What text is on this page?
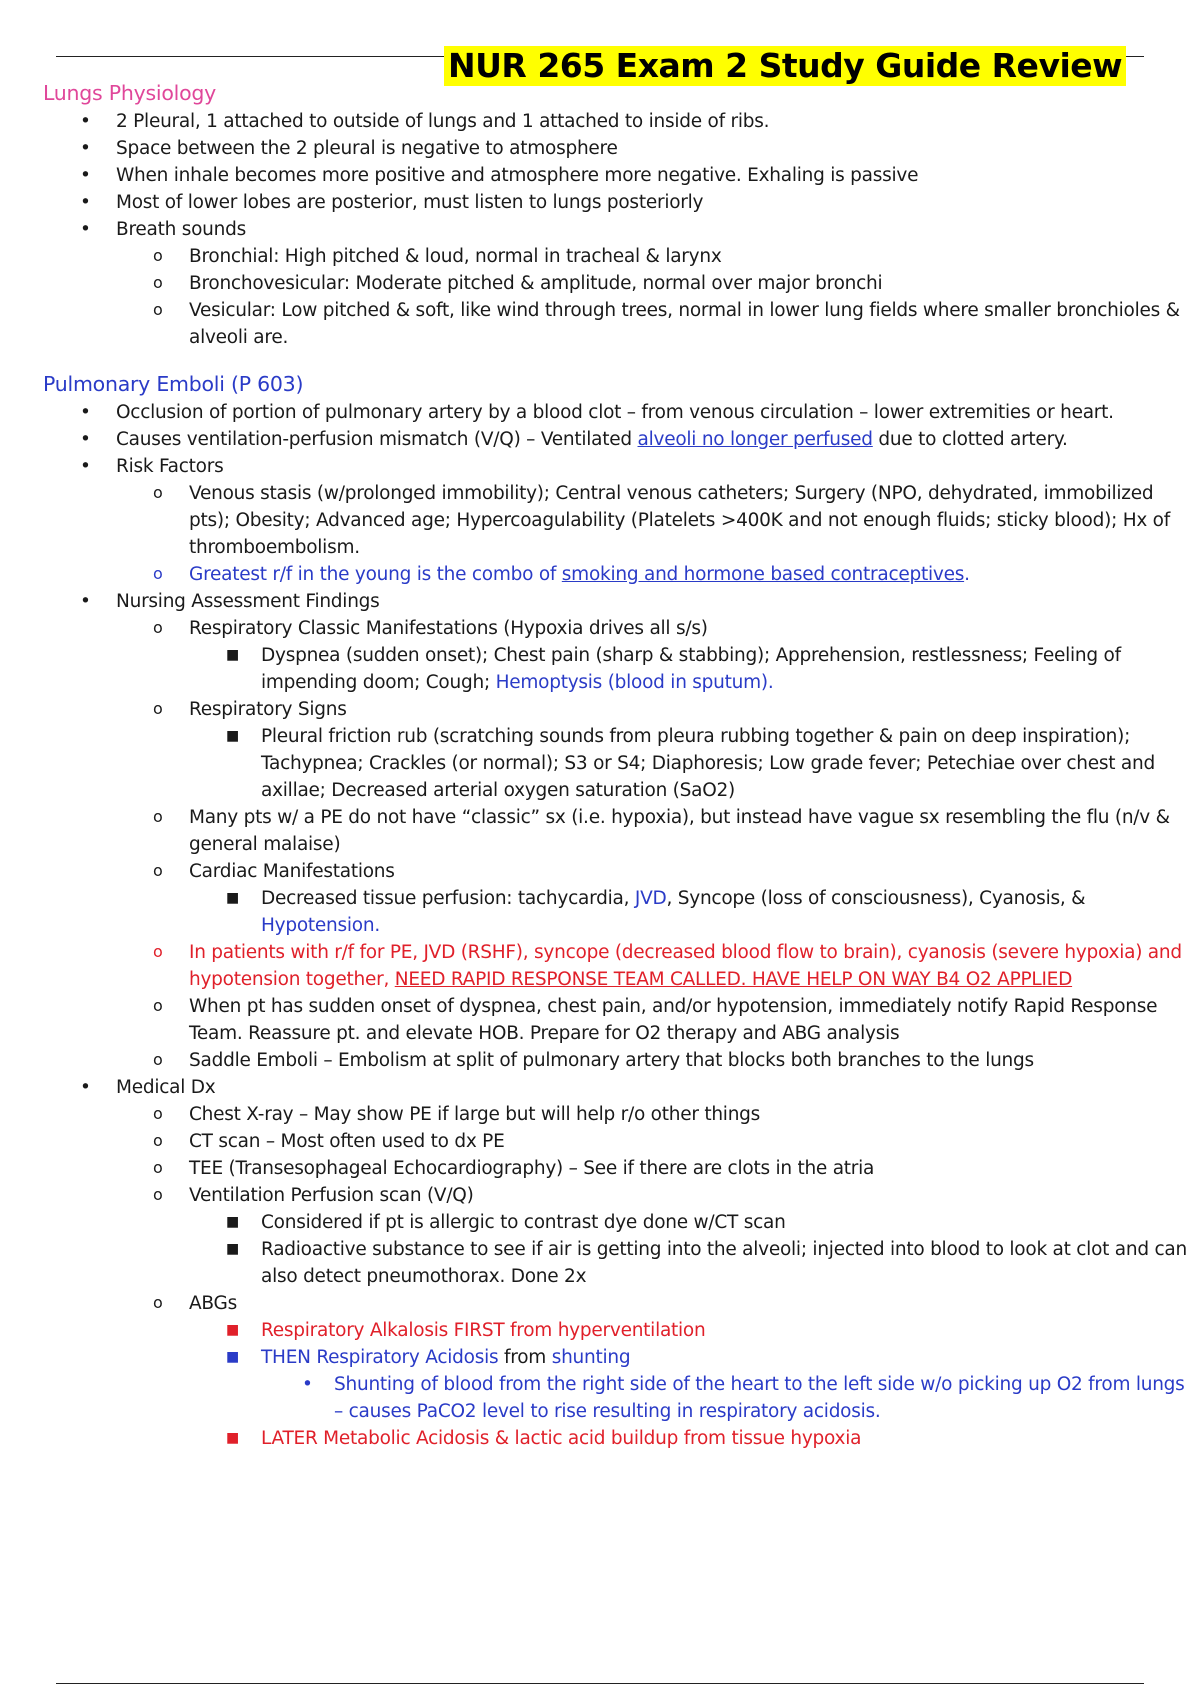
NUR 265 Exam 2 Study Guide Review
Lungs Physiology
• 2 Pleural, 1 attached to outside of lungs and 1 attached to inside of ribs.
• Space between the 2 pleural is negative to atmosphere
• When inhale becomes more positive and atmosphere more negative. Exhaling is passive
• Most of lower lobes are posterior, must listen to lungs posteriorly
• Breath sounds
o Bronchial: High pitched & loud, normal in tracheal & larynx
o Bronchovesicular: Moderate pitched & amplitude, normal over major bronchi
o Vesicular: Low pitched & soft, like wind through trees, normal in lower lung fields where smaller bronchioles & alveoli are.
Pulmonary Emboli (P 603)
• Occlusion of portion of pulmonary artery by a blood clot – from venous circulation – lower extremities or heart.
• Causes ventilation-perfusion mismatch (V/Q) – Ventilated alveoli no longer perfused due to clotted artery.
• Risk Factors
o Venous stasis (w/prolonged immobility); Central venous catheters; Surgery (NPO, dehydrated, immobilized pts); Obesity; Advanced age; Hypercoagulability (Platelets >400K and not enough fluids; sticky blood); Hx of thromboembolism.
o Greatest r/f in the young is the combo of smoking and hormone based contraceptives.
• Nursing Assessment Findings
o Respiratory Classic Manifestations (Hypoxia drives all s/s)
■ Dyspnea (sudden onset); Chest pain (sharp & stabbing); Apprehension, restlessness; Feeling of impending doom; Cough; Hemoptysis (blood in sputum).
o Respiratory Signs
■ Pleural friction rub (scratching sounds from pleura rubbing together & pain on deep inspiration); Tachypnea; Crackles (or normal); S3 or S4; Diaphoresis; Low grade fever; Petechiae over chest and axillae; Decreased arterial oxygen saturation (SaO2)
o Many pts w/ a PE do not have “classic” sx (i.e. hypoxia), but instead have vague sx resembling the flu (n/v & general malaise)
o Cardiac Manifestations
■ Decreased tissue perfusion: tachycardia, JVD, Syncope (loss of consciousness), Cyanosis, & Hypotension.
o In patients with r/f for PE, JVD (RSHF), syncope (decreased blood flow to brain), cyanosis (severe hypoxia) and hypotension together, NEED RAPID RESPONSE TEAM CALLED. HAVE HELP ON WAY B4 O2 APPLIED
o When pt has sudden onset of dyspnea, chest pain, and/or hypotension, immediately notify Rapid Response Team. Reassure pt. and elevate HOB. Prepare for O2 therapy and ABG analysis
o Saddle Emboli – Embolism at split of pulmonary artery that blocks both branches to the lungs
• Medical Dx
o Chest X-ray – May show PE if large but will help r/o other things
o CT scan – Most often used to dx PE
o TEE (Transesophageal Echocardiography) – See if there are clots in the atria
o Ventilation Perfusion scan (V/Q)
■ Considered if pt is allergic to contrast dye done w/CT scan
■ Radioactive substance to see if air is getting into the alveoli; injected into blood to look at clot and can also detect pneumothorax. Done 2x
o ABGs
■ Respiratory Alkalosis FIRST from hyperventilation
■ THEN Respiratory Acidosis from shunting
• Shunting of blood from the right side of the heart to the left side w/o picking up O2 from lungs – causes PaCO2 level to rise resulting in respiratory acidosis.
■ LATER Metabolic Acidosis & lactic acid buildup from tissue hypoxia
